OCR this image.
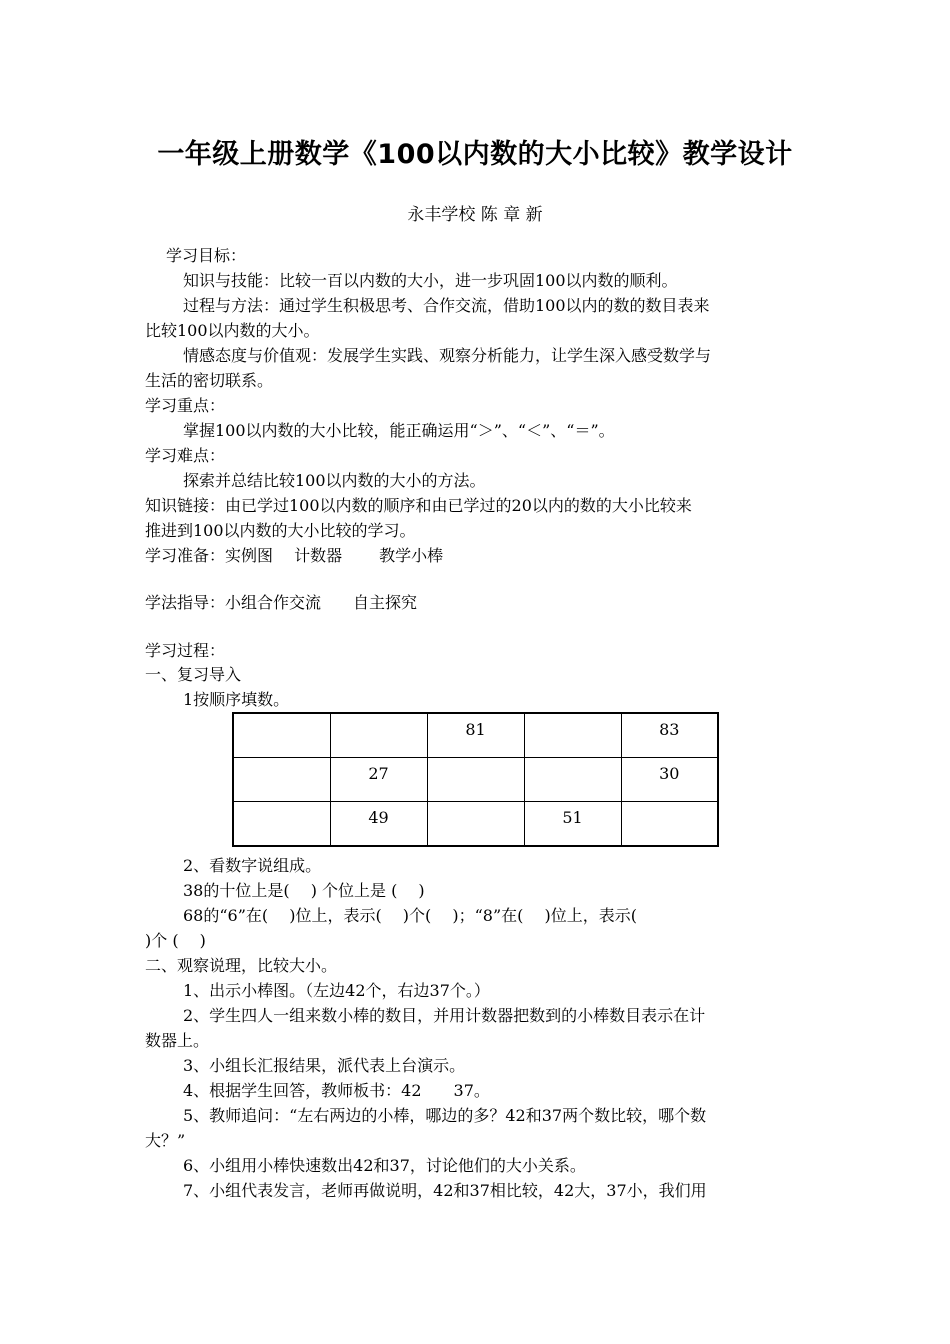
一年级上册数学《100以内数的大小比较》教学设计
永丰学校 陈 章 新
学习目标：
知识与技能：比较一百以内数的大小，进一步巩固100以内数的顺利。
过程与方法：通过学生积极思考、合作交流，借助100以内的数的数目表来
比较100以内数的大小。
情感态度与价值观：发展学生实践、观察分析能力，让学生深入感受数学与
生活的密切联系。
学习重点：
掌握100以内数的大小比较，能正确运用“＞”、“＜”、“＝”。
学习难点：
探索并总结比较100以内数的大小的方法。
知识链接：由已学过100以内数的顺序和由已学过的20以内的数的大小比较来
推进到100以内数的大小比较的学习。
学习准备：实例图　 计数器　　 教学小棒
学法指导：小组合作交流　　自主探究
学习过程：
一、复习导入
1按顺序填数。
		81		83
	27			30
	49		51	
2、看数字说组成。
38的十位上是(　 ) 个位上是 (　 )
68的“6”在(　 )位上，表示(　 )个(　 )；“8”在(　 )位上，表示(
)个 (　 )
二、观察说理，比较大小。
1、出示小棒图。（左边42个，右边37个。）
2、学生四人一组来数小棒的数目，并用计数器把数到的小棒数目表示在计
数器上。
3、小组长汇报结果，派代表上台演示。
4、根据学生回答，教师板书：42　　37。
5、教师追问：“左右两边的小棒，哪边的多？42和37两个数比较，哪个数
大？”
6、小组用小棒快速数出42和37，讨论他们的大小关系。
7、小组代表发言，老师再做说明，42和37相比较，42大，37小，我们用
